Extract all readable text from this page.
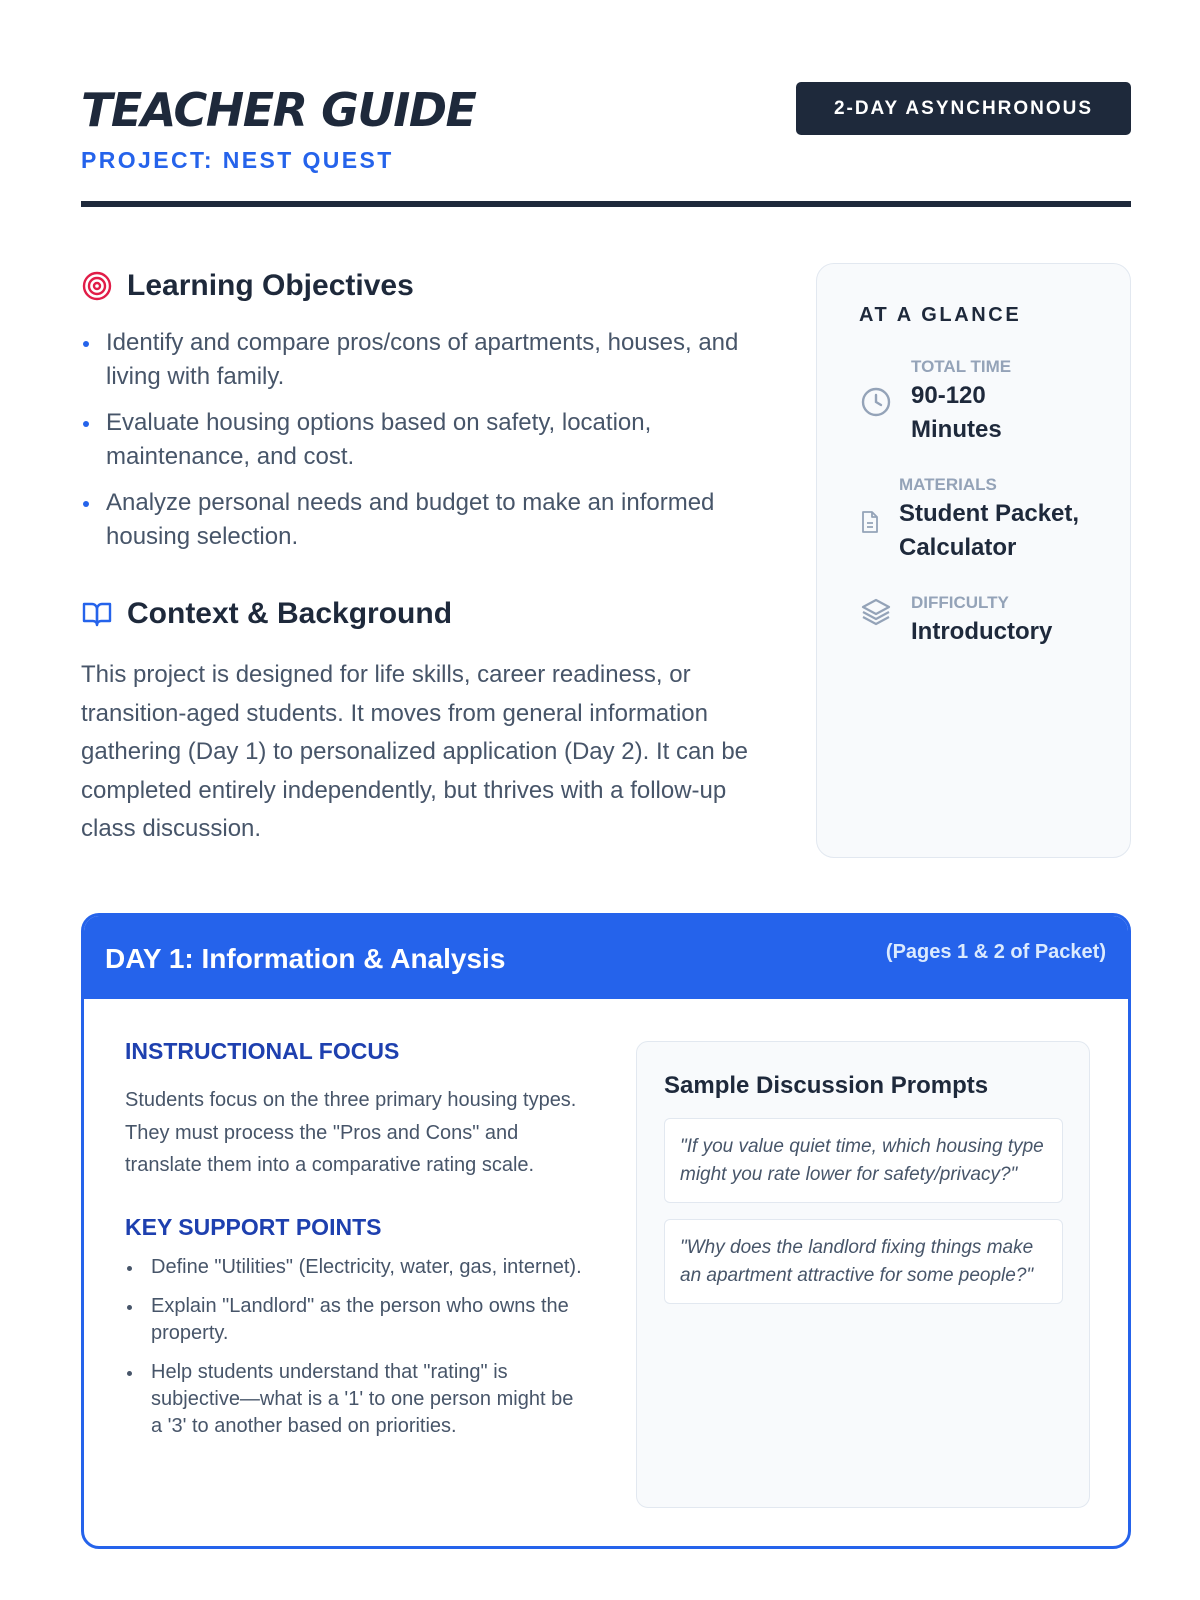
TEACHER GUIDE
PROJECT: NEST QUEST
2-DAY ASYNCHRONOUS
Learning Objectives
Identify and compare pros/cons of apartments, houses, and living with family.
Evaluate housing options based on safety, location, maintenance, and cost.
Analyze personal needs and budget to make an informed housing selection.
Context & Background

This project is designed for life skills, career readiness, or transition-aged students. It moves from general information gathering (Day 1) to personalized application (Day 2). It can be completed entirely independently, but thrives with a follow-up class discussion.

AT A GLANCE
TOTAL TIME
90-120 Minutes
MATERIALS
Student Packet, Calculator
DIFFICULTY
Introductory
DAY 1: Information & Analysis	(Pages 1 & 2 of Packet)
INSTRUCTIONAL FOCUS

Students focus on the three primary housing types. They must process the "Pros and Cons" and translate them into a comparative rating scale.

KEY SUPPORT POINTS
Define "Utilities" (Electricity, water, gas, internet).
Explain "Landlord" as the person who owns the property.
Help students understand that "rating" is subjective—what is a '1' to one person might be a '3' to another based on priorities.
Sample Discussion Prompts
"If you value quiet time, which housing type might you rate lower for safety/privacy?"
"Why does the landlord fixing things make an apartment attractive for some people?"
